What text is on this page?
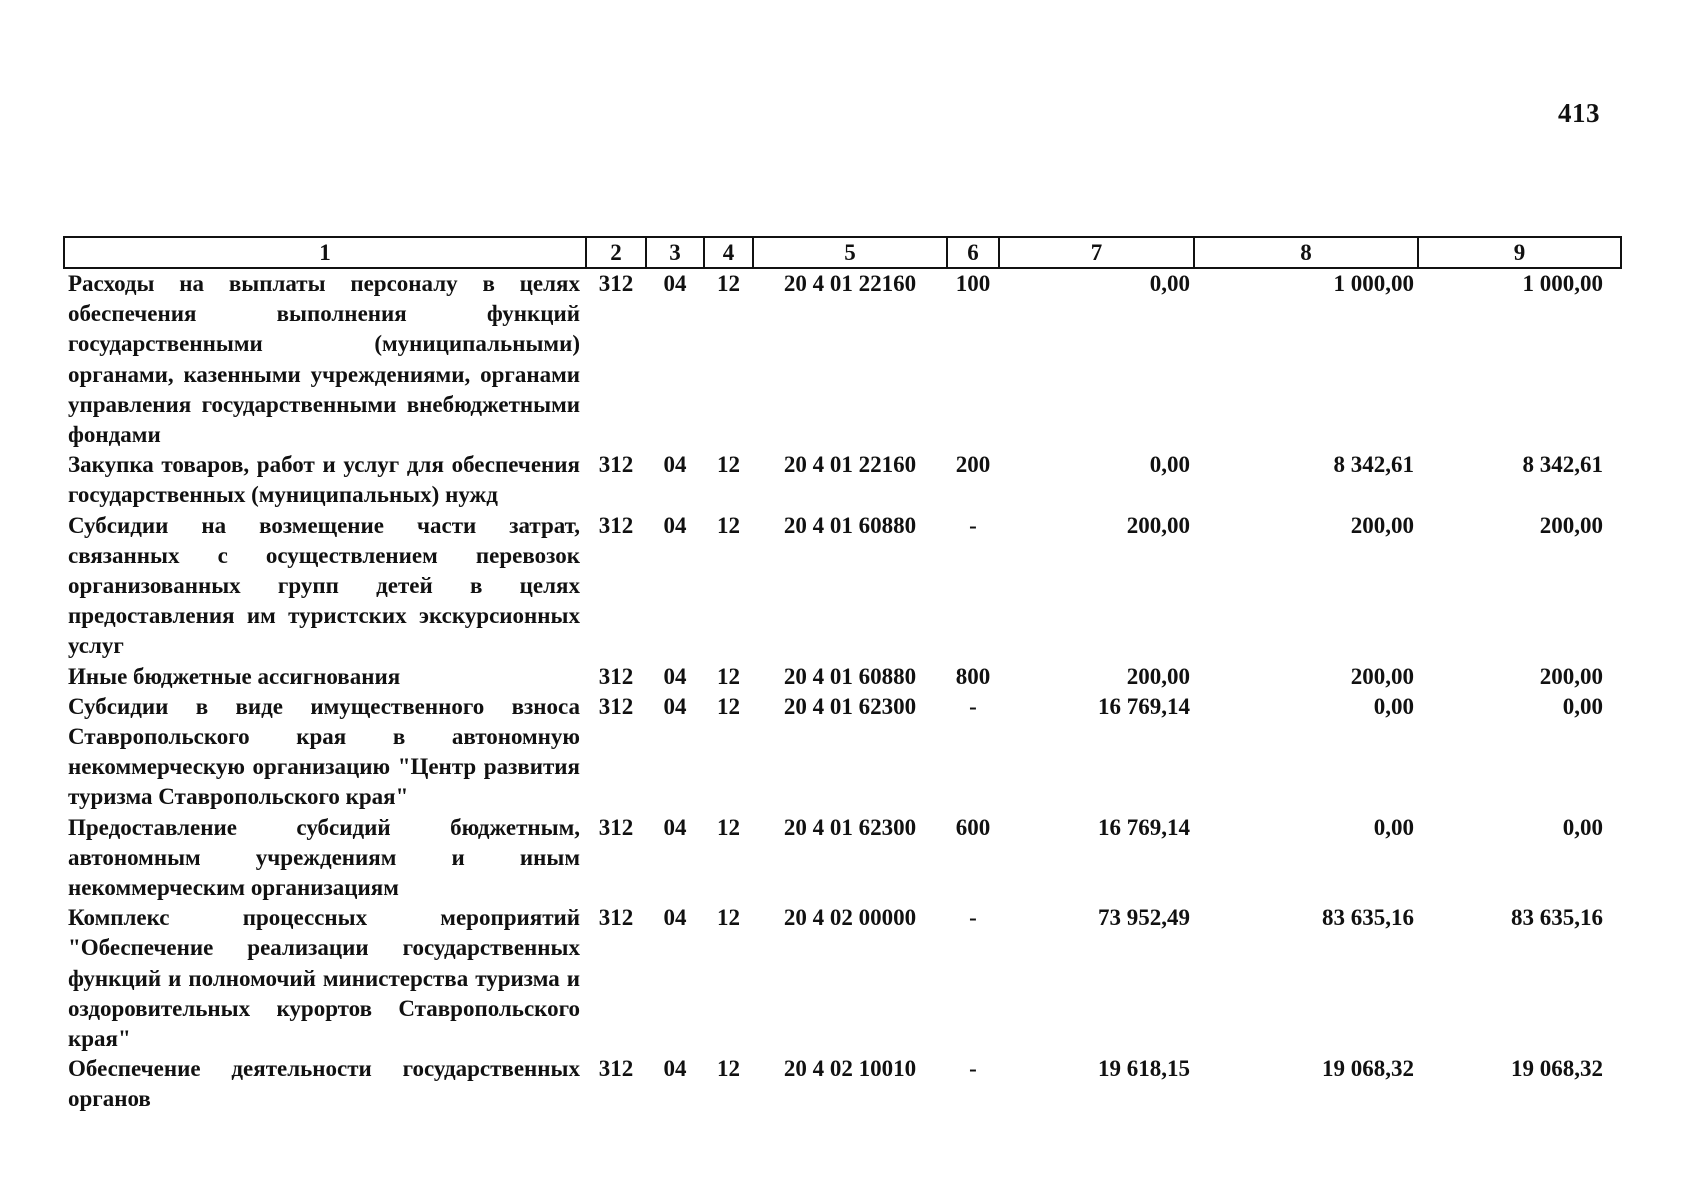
413
1	2	3	4	5	6	7	8	9
Расходы на выплаты персоналу в целях обеспечения выполнения функций государственными (муниципальными) органами, казенными учреждениями, органами управления государственными внебюджетными фондами	312	04	12	20 4 01 22160	100	0,00	1 000,00	1 000,00
Закупка товаров, работ и услуг для обеспечения государственных (муниципальных) нужд	312	04	12	20 4 01 22160	200	0,00	8 342,61	8 342,61
Субсидии на возмещение части затрат, связанных с осуществлением перевозок организованных групп детей в целях предоставления им туристских экскурсионных услуг	312	04	12	20 4 01 60880	-	200,00	200,00	200,00
Иные бюджетные ассигнования	312	04	12	20 4 01 60880	800	200,00	200,00	200,00
Субсидии в виде имущественного взноса Ставропольского края в автономную некоммерческую организацию "Центр развития туризма Ставропольского края"	312	04	12	20 4 01 62300	-	16 769,14	0,00	0,00
Предоставление субсидий бюджетным, автономным учреждениям и иным некоммерческим организациям	312	04	12	20 4 01 62300	600	16 769,14	0,00	0,00
Комплекс процессных мероприятий "Обеспечение реализации государственных функций и полномочий министерства туризма и оздоровительных курортов Ставропольского края"	312	04	12	20 4 02 00000	-	73 952,49	83 635,16	83 635,16
Обеспечение деятельности государственных органов	312	04	12	20 4 02 10010	-	19 618,15	19 068,32	19 068,32
